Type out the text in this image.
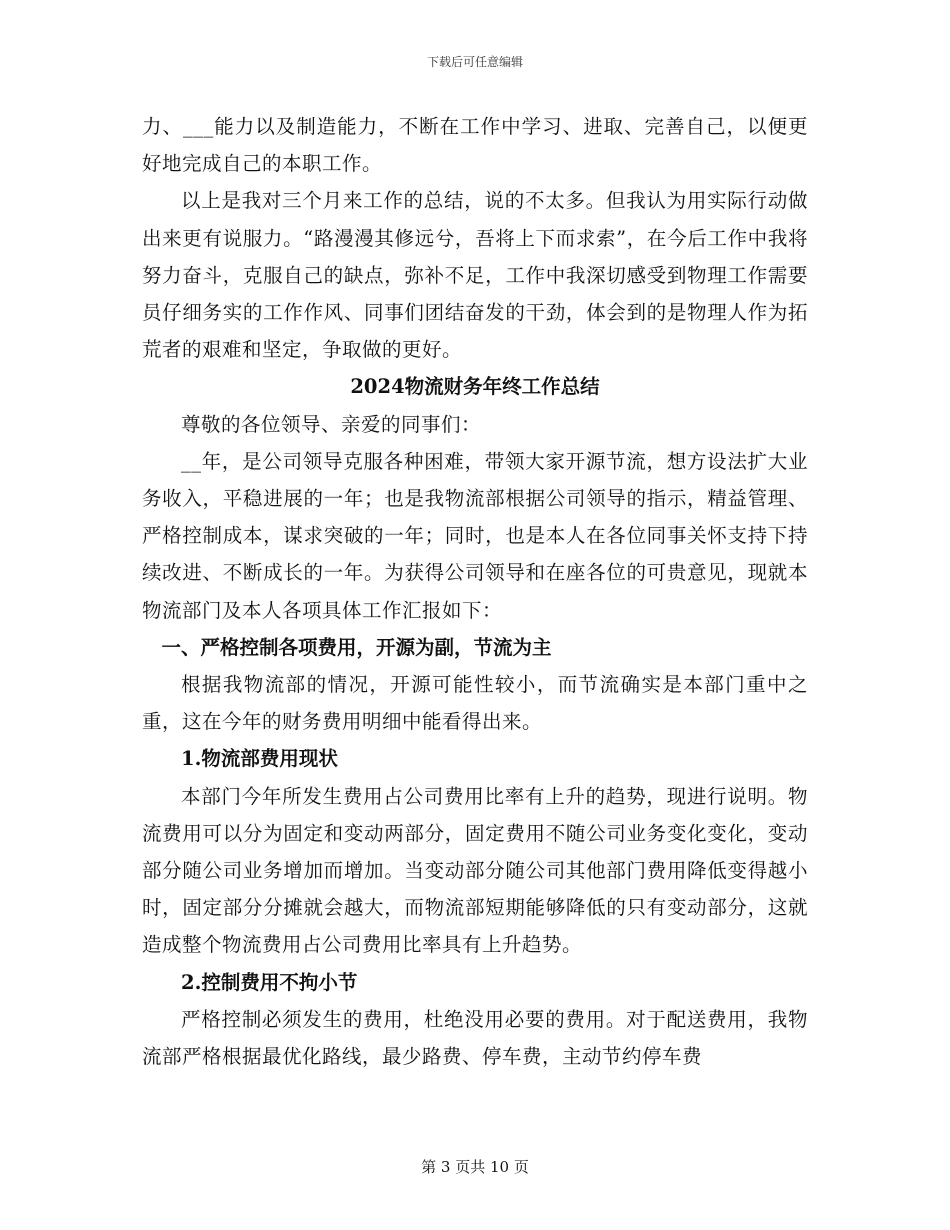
下载后可任意编辑

力、___能力以及制造能力，不断在工作中学习、进取、完善自己，以便更好地完成自己的本职工作。

以上是我对三个月来工作的总结，说的不太多。但我认为用实际行动做出来更有说服力。“路漫漫其修远兮，吾将上下而求索”，在今后工作中我将努力奋斗，克服自己的缺点，弥补不足，工作中我深切感受到物理工作需要员仔细务实的工作作风、同事们团结奋发的干劲，体会到的是物理人作为拓荒者的艰难和坚定，争取做的更好。

2024物流财务年终工作总结

尊敬的各位领导、亲爱的同事们：

__年，是公司领导克服各种困难，带领大家开源节流，想方设法扩大业务收入，平稳进展的一年；也是我物流部根据公司领导的指示，精益管理、严格控制成本，谋求突破的一年；同时，也是本人在各位同事关怀支持下持续改进、不断成长的一年。为获得公司领导和在座各位的可贵意见，现就本物流部门及本人各项具体工作汇报如下：

一、严格控制各项费用，开源为副，节流为主

根据我物流部的情况，开源可能性较小，而节流确实是本部门重中之重，这在今年的财务费用明细中能看得出来。

1.物流部费用现状

本部门今年所发生费用占公司费用比率有上升的趋势，现进行说明。物流费用可以分为固定和变动两部分，固定费用不随公司业务变化变化，变动部分随公司业务增加而增加。当变动部分随公司其他部门费用降低变得越小时，固定部分分摊就会越大，而物流部短期能够降低的只有变动部分，这就造成整个物流费用占公司费用比率具有上升趋势。

2.控制费用不拘小节

严格控制必须发生的费用，杜绝没用必要的费用。对于配送费用，我物流部严格根据最优化路线，最少路费、停车费，主动节约停车费

第 3 页共 10 页
